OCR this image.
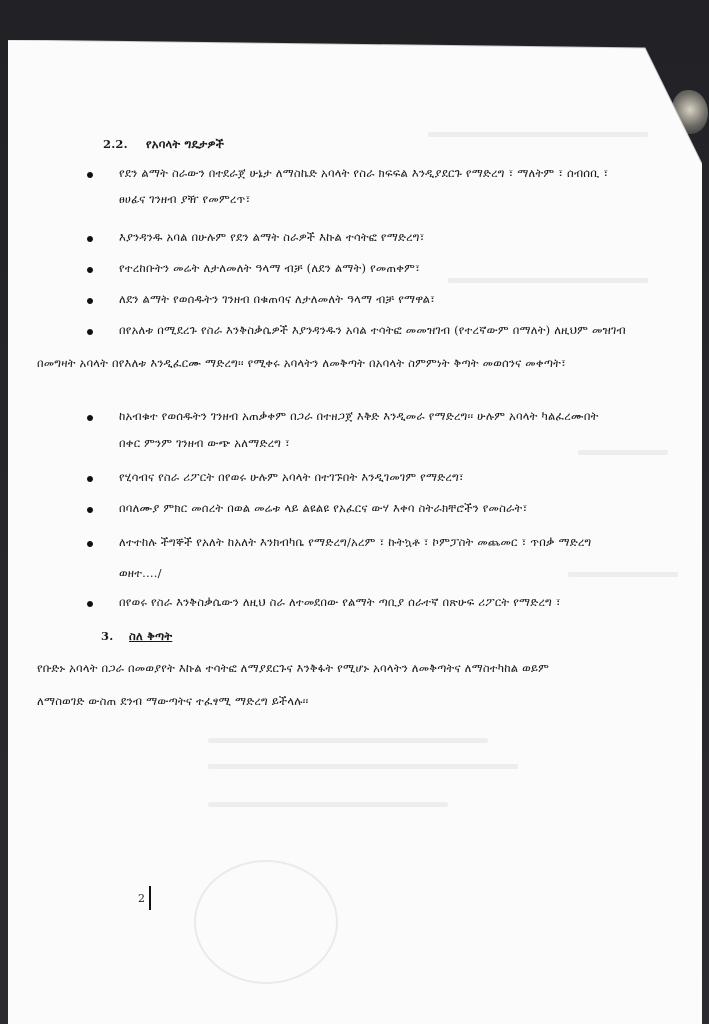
2.2. የአባላት ግዴታዎች
የደን ልማት ስራውን በተደራጀ ሁኔታ ለማስኬድ አባላት የስራ ክፍፍል እንዲያደርጉ የማድረግ ፣ ማለትም ፣ ሰብሰቢ ፣
ፀሀፊና ገንዘብ ያዥ የመምረጥ፣
እያንዳንዱ አባል በሁሉም የደን ልማት ስራዎች እኩል ተሳትፎ የማድረግ፣
የተረከቡትን መሬት ለታለመለት ዓላማ ብቻ (ለደን ልማት) የመጠቀም፣
ለደን ልማት የወሰዱትን ገንዘብ በቁጠባና ለታለመለት ዓላማ ብቻ የማዋል፣
በየአለቱ በሚደረጉ የስራ እንቅስቃሴዎች እያንዳንዱን አባል ተሳትፎ መመዝገብ (የተረኛውም በማለት) ለዚህም መዝገብ
በመግዛት አባላት በየእለቱ እንዲፈርሙ ማድረግ፡፡ የሚቀሩ አባላትን ለመቅጣት በአባላት ስምምነት ቅጣት መወሰንና መቀጣት፣
ከአብቁተ የወሰዱትን ገንዘብ አጠቃቀም በጋራ በተዘጋጀ እቅድ እንዲመራ የማድረግ፡፡ ሁሉም አባላት ካልፈረሙበት
በቀር ምንም ገንዘብ ውጭ አለማድረግ ፣
የሂሳብና የስራ ሪፖርት በየወሩ ሁሉም አባላት በተገኙበት እንዲገመገም የማድረግ፣
በባለሙያ ምክር መሰረት በወል መሬቱ ላይ ልዩልዩ የአፈርና ውሃ እቀባ ስትራክቸሮችን የመስራት፣
ለተተከሉ ችግኞች የአለት ከአለት እንክብካቤ የማድረግ/አረም ፣ ኩትኳቶ ፣ ኮምፓስት መጨመር ፣ ጥበቃ ማድረግ
ወዘተ..../
በየወሩ የስራ እንቅስቃሴውን ለዚህ ስራ ለተመደበው የልማት ጣቢያ ሰራተኛ በጽሁፍ ሪፖርት የማድረግ ፣
3. ስለ ቅጣት
የቡድኑ አባላት በጋራ በመወያየት እኩል ተሳትፎ ለማያደርጉና እንቅፋት የሚሆኑ አባላትን ለመቅጣትና ለማስተካከል ወይም
ለማስወገድ ውስጠ ደንብ ማውጣትና ተፈፃሚ ማድረግ ይችላሉ፡፡
2
